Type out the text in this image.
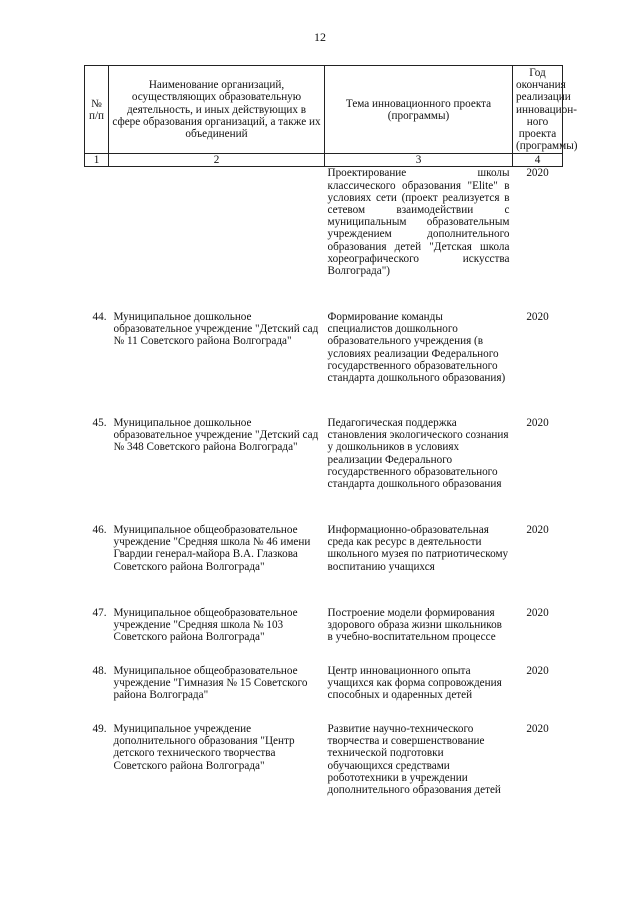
12
№ п/п	Наименование организаций, осуществляющих образовательную деятельность, и иных действующих в сфере образования организаций, а также их объединений	Тема инновационного проекта (программы)	Год окончания реализации инновацион-ного проекта (программы)
1	2	3	4
		Проектирование школы классического образования "Elite" в условиях сети (проект реализуется в сетевом взаимодействии с муниципальным образовательным учреждением дополнительного образования детей "Детская школа хореографического искусства Волгограда")	2020
44.	Муниципальное дошкольное образовательное учреждение "Детский сад № 11 Советского района Волгограда"	Формирование команды специалистов дошкольного образовательного учреждения (в условиях реализации Федерального государственного образовательного стандарта дошкольного образования)	2020
45.	Муниципальное дошкольное образовательное учреждение "Детский сад № 348 Советского района Волгограда"	Педагогическая поддержка становления экологического сознания у дошкольников в условиях реализации Федерального государственного образовательного стандарта дошкольного образования	2020
46.	Муниципальное общеобразовательное учреждение "Средняя школа № 46 имени Гвардии генерал-майора В.А. Глазкова Советского района Волгограда"	Информационно-образовательная среда как ресурс в деятельности школьного музея по патриотическому воспитанию учащихся	2020
47.	Муниципальное общеобразовательное учреждение "Средняя школа № 103 Советского района Волгограда"	Построение модели формирования здорового образа жизни школьников в учебно-воспитательном процессе	2020
48.	Муниципальное общеобразовательное учреждение "Гимназия № 15 Советского района Волгограда"	Центр инновационного опыта учащихся как форма сопровождения способных и одаренных детей	2020
49.	Муниципальное учреждение дополнительного образования "Центр детского технического творчества Советского района Волгограда"	Развитие научно-технического творчества и совершенствование технической подготовки обучающихся средствами робототехники в учреждении дополнительного образования детей	2020
